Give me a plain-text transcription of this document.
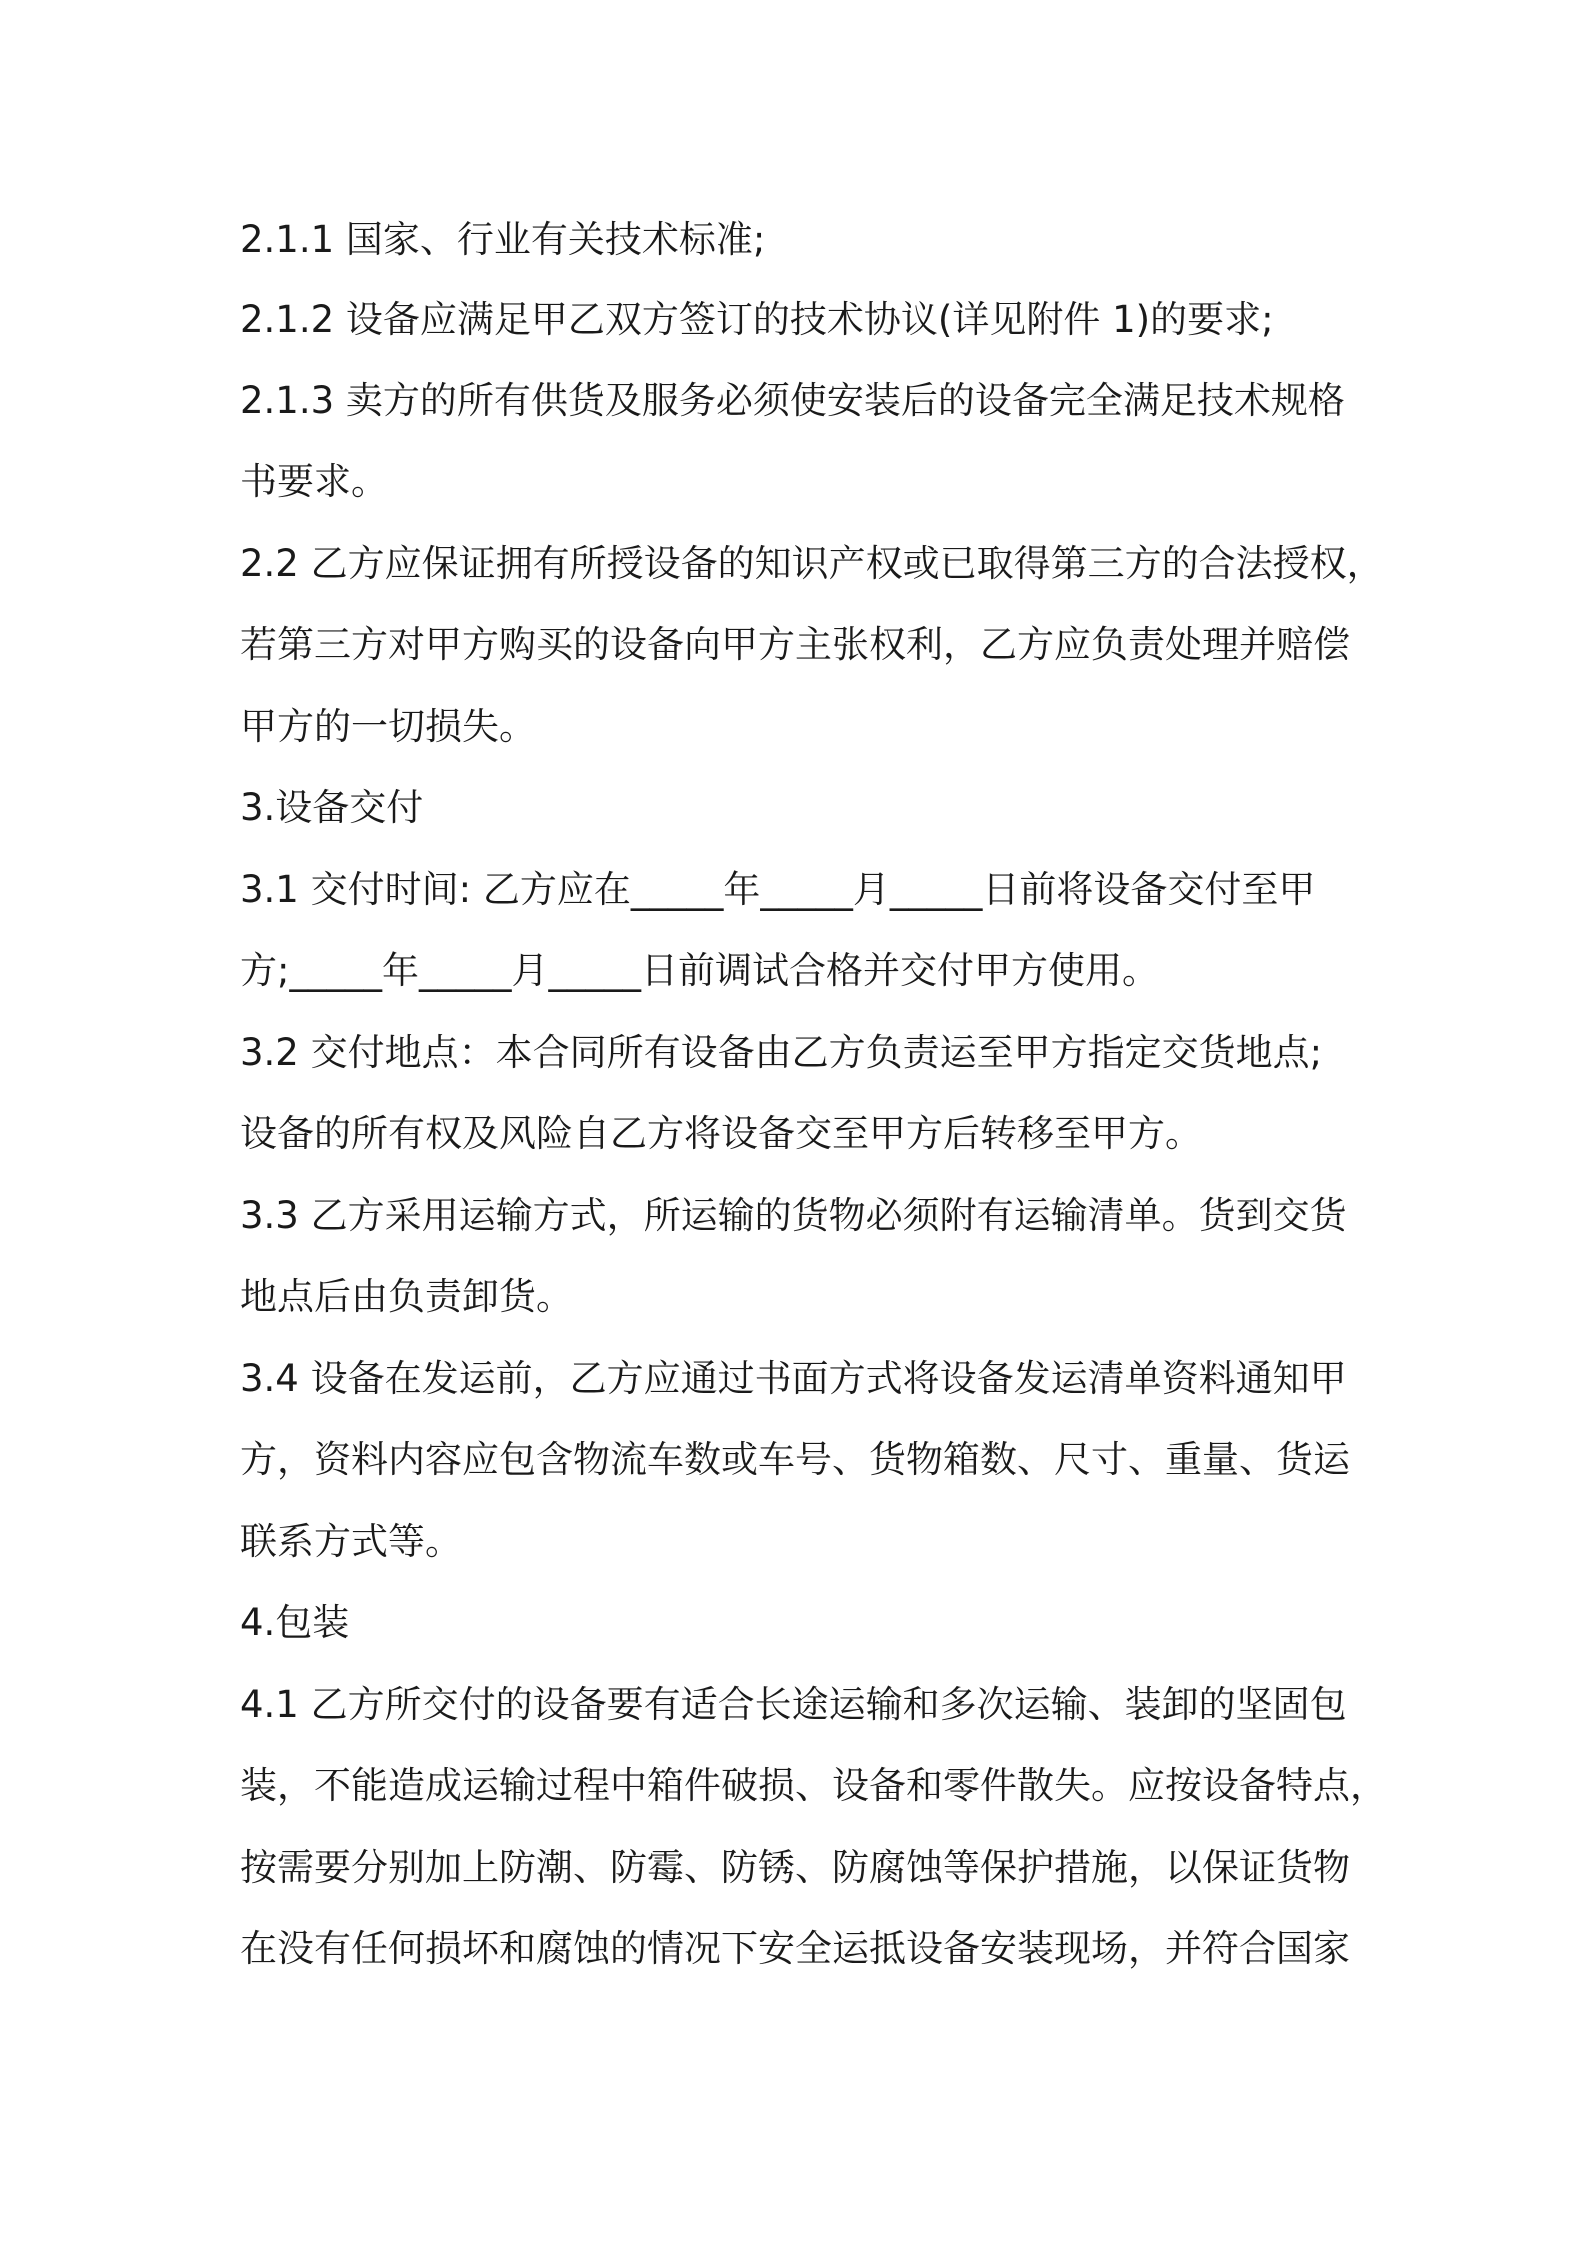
2.1.1 国家、行业有关技术标准;

2.1.2 设备应满足甲乙双方签订的技术协议(详见附件 1)的要求;

2.1.3 卖方的所有供货及服务必须使安装后的设备完全满足技术规格

书要求。

2.2 乙方应保证拥有所授设备的知识产权或已取得第三方的合法授权，

若第三方对甲方购买的设备向甲方主张权利，乙方应负责处理并赔偿

甲方的一切损失。

3.设备交付

3.1 交付时间: 乙方应在_____年_____月_____日前将设备交付至甲

方;_____年_____月_____日前调试合格并交付甲方使用。

3.2 交付地点：本合同所有设备由乙方负责运至甲方指定交货地点;

设备的所有权及风险自乙方将设备交至甲方后转移至甲方。

3.3 乙方采用运输方式，所运输的货物必须附有运输清单。货到交货

地点后由负责卸货。

3.4 设备在发运前，乙方应通过书面方式将设备发运清单资料通知甲

方，资料内容应包含物流车数或车号、货物箱数、尺寸、重量、货运

联系方式等。

4.包装

4.1 乙方所交付的设备要有适合长途运输和多次运输、装卸的坚固包

装，不能造成运输过程中箱件破损、设备和零件散失。应按设备特点，

按需要分别加上防潮、防霉、防锈、防腐蚀等保护措施，以保证货物

在没有任何损坏和腐蚀的情况下安全运抵设备安装现场，并符合国家
